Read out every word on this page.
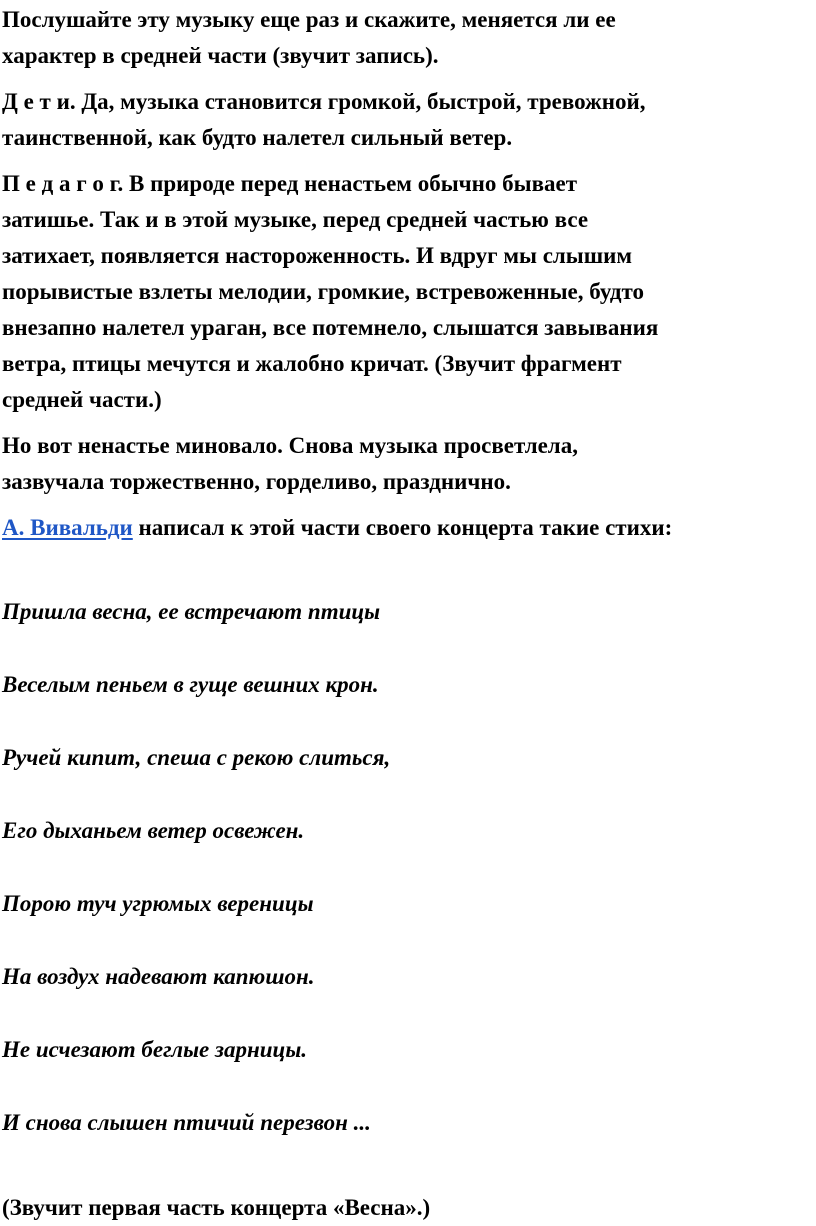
Послушайте эту музыку еще раз и скажите, меняется ли ее
характер в средней части (звучит запись).

Д е т и. Да, музыка становится громкой, быстрой, тревожной,
таинственной, как будто налетел сильный ветер.

П е д а г о г. В природе перед ненастьем обычно бывает
затишье. Так и в этой музыке, перед средней частью все
затихает, появляется настороженность. И вдруг мы слышим
порывистые взлеты мелодии, громкие, встревоженные, будто
внезапно налетел ураган, все потемнело, слышатся завывания
ветра, птицы мечутся и жалобно кричат. (Звучит фрагмент
средней части.)

Но вот ненастье миновало. Снова музыка просветлела,
зазвучала торжественно, горделиво, празднично.

А. Вивальди написал к этой части своего концерта такие стихи:

Пришла весна, ее встречают птицы

Веселым пеньем в гуще вешних крон.

Ручей кипит, спеша с рекою слиться,

Его дыханьем ветер освежен.

Порою туч угрюмых вереницы

На воздух надевают капюшон.

Не исчезают беглые зарницы.

И снова слышен птичий перезвон ...

(Звучит первая часть концерта «Весна».)
